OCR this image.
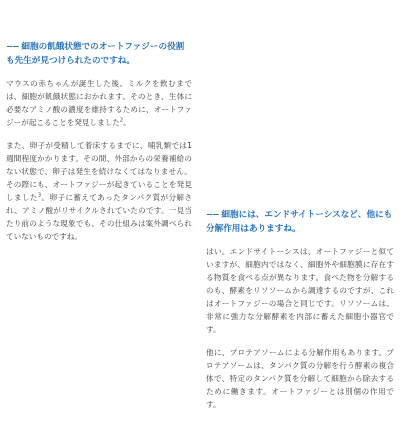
−− 細胞の飢餓状態でのオートファジーの役割も先生が見つけられたのですね。

マウスの赤ちゃんが誕生した後、ミルクを飲むまでは、細胞が飢餓状態におかれます。そのとき、生体に必要なアミノ酸の濃度を維持するために、オートファジーが起こることを発見しました$^2$。

また、卵子が受精して着床するまでに、哺乳類では1週間程度かかります。その間、外部からの栄養補給のない状態で、卵子は発生を続けなくてはなりません。その際にも、オートファジーが起きていることを発見しました$^3$。卵子に蓄えてあったタンパク質が分解され、アミノ酸がリサイクルされていたのです。一見当たり前のような現象でも、その仕組みは案外調べられていないものですね。

−− 細胞には、エンドサイトーシスなど、他にも分解作用はありますね。

はい。エンドサイトーシスは、オートファジーと似ていますが、細胞内ではなく、細胞外や細胞膜に存在する物質を食べる点が異なります。食べた物を分解するのも、酵素をリソソームから調達するのですが、これはオートファジーの場合と同じです。リソソームは、非常に強力な分解酵素を内部に蓄えた細胞小器官です。

他に、プロテアソームによる分解作用もあります。プロテアソームは、タンパク質の分解を行う酵素の複合体で、特定のタンパク質を分解して細胞から除去するために働きます。オートファジーとは別個の作用です。
